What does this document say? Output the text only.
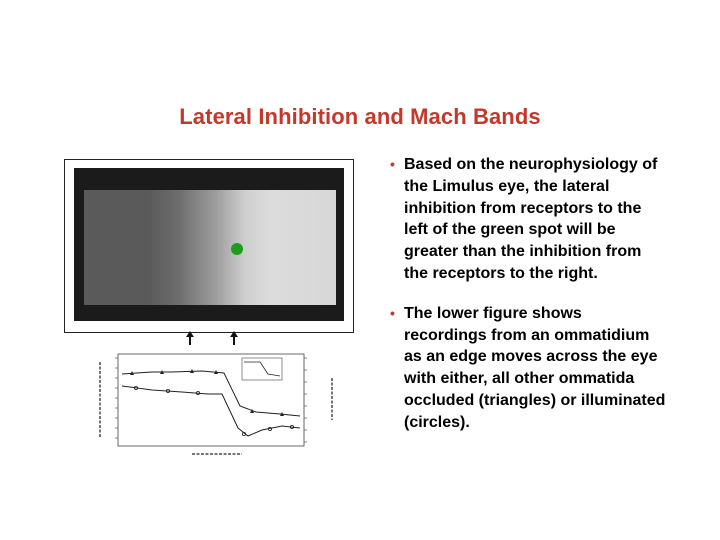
Lateral Inhibition and Mach Bands
• Based on the neurophysiology of the Limulus eye, the lateral inhibition from receptors to the left of the green spot will be greater than the inhibition from the receptors to the right.
• The lower figure shows recordings from an ommatidium as an edge moves across the eye with either, all other ommatida occluded (triangles) or illuminated (circles).
